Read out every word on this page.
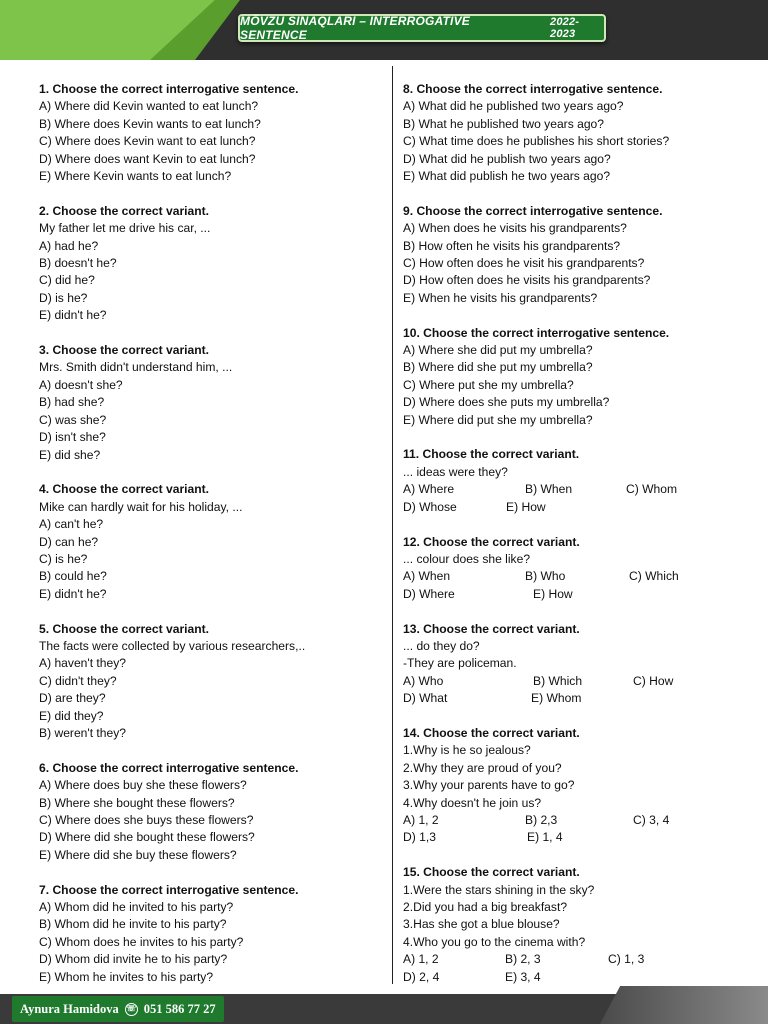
MÖVZU SINAQLARI – INTERROGATIVE SENTENCE
2022-2023
1. Choose the correct interrogative sentence.
A) Where did Kevin wanted to eat lunch?
B) Where does Kevin wants to eat lunch?
C) Where does Kevin want to eat lunch?
D) Where does want Kevin to eat lunch?
E) Where Kevin wants to eat lunch?
2. Choose the correct variant.
My father let me drive his car, ...
A) had he?
B) doesn't he?
C) did he?
D) is he?
E) didn't he?
3. Choose the correct variant.
Mrs. Smith didn't understand him, ...
A) doesn't she?
B) had she?
C) was she?
D) isn't she?
E) did she?
4. Choose the correct variant.
Mike can hardly wait for his holiday, ...
A) can't he?
D) can he?
C) is he?
B) could he?
E) didn't he?
5. Choose the correct variant.
The facts were collected by various researchers,..
A) haven't they?
C) didn't they?
D) are they?
E) did they?
B) weren't they?
6. Choose the correct interrogative sentence.
A) Where does buy she these flowers?
B) Where she bought these flowers?
C) Where does she buys these flowers?
D) Where did she bought these flowers?
E) Where did she buy these flowers?
7. Choose the correct interrogative sentence.
A) Whom did he invited to his party?
B) Whom did he invite to his party?
C) Whom does he invites to his party?
D) Whom did invite he to his party?
E) Whom he invites to his party?
8. Choose the correct interrogative sentence.
A) What did he published two years ago?
B) What he published two years ago?
C) What time does he publishes his short stories?
D) What did he publish two years ago?
E) What did publish he two years ago?
9. Choose the correct interrogative sentence.
A) When does he visits his grandparents?
B) How often he visits his grandparents?
C) How often does he visit his grandparents?
D) How often does he visits his grandparents?
E) When he visits his grandparents?
10. Choose the correct interrogative sentence.
A) Where she did put my umbrella?
B) Where did she put my umbrella?
C) Where put she my umbrella?
D) Where does she puts my umbrella?
E) Where did put she my umbrella?
11. Choose the correct variant.
... ideas were they?
A) Where	B) When	C) Whom
D) Whose	E) How
12. Choose the correct variant.
... colour does she like?
A) When	B) Who	C) Which
D) Where	E) How
13. Choose the correct variant.
... do they do?
-They are policeman.
A) Who	B) Which	C) How
D) What	E) Whom
14. Choose the correct variant.
1.Why is he so jealous?
2.Why they are proud of you?
3.Why your parents have to go?
4.Why doesn't he join us?
A) 1, 2	B) 2,3	C) 3, 4
D) 1,3	E) 1, 4
15. Choose the correct variant.
1.Were the stars shining in the sky?
2.Did you had a big breakfast?
3.Has she got a blue blouse?
4.Who you go to the cinema with?
A) 1, 2	B) 2, 3	C) 1, 3
D) 2, 4	E) 3, 4
Aynura Hamidova ☏ 051 586 77 27
